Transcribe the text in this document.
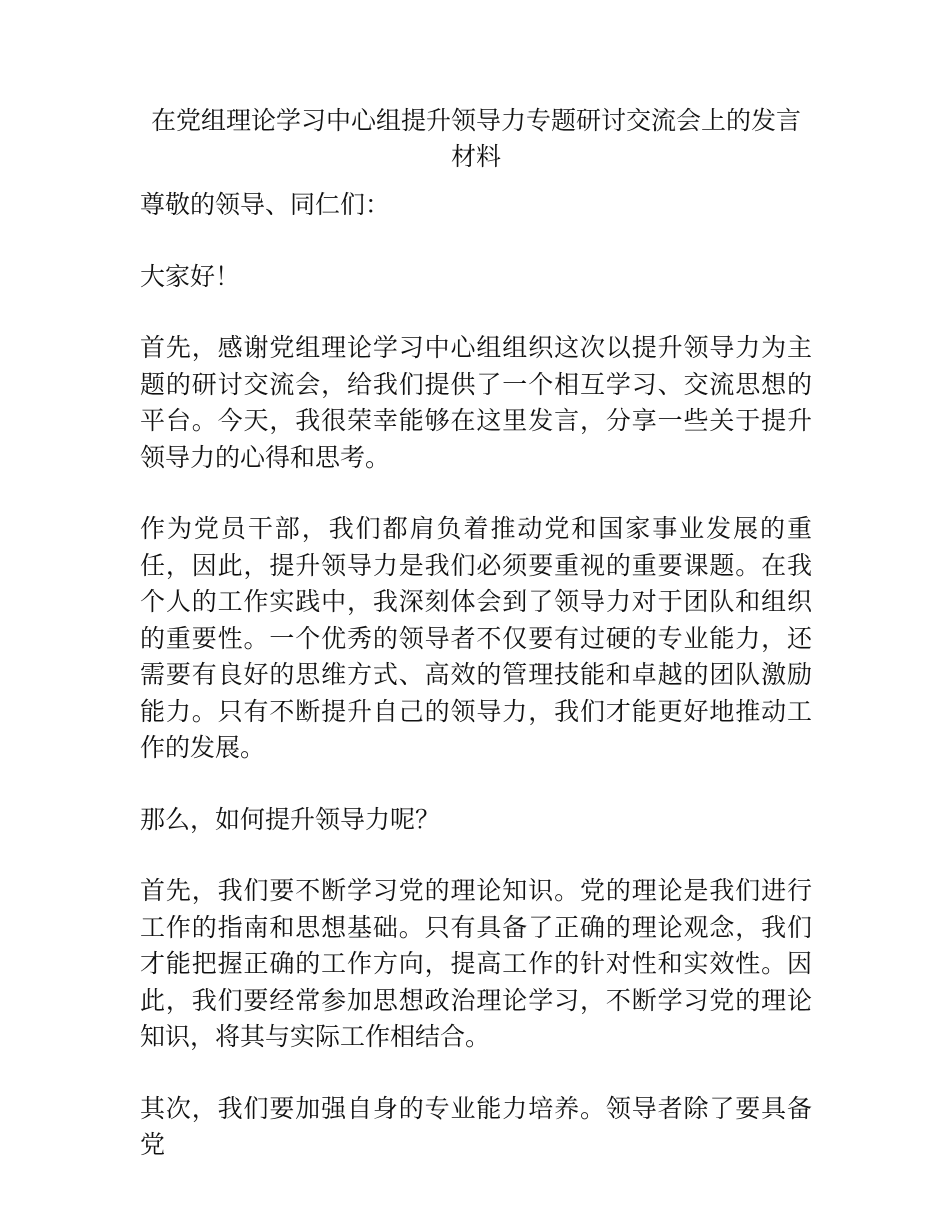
在党组理论学习中心组提升领导力专题研讨交流会上的发言材料

尊敬的领导、同仁们：

大家好！

首先，感谢党组理论学习中心组组织这次以提升领导力为主题的研讨交流会，给我们提供了一个相互学习、交流思想的平台。今天，我很荣幸能够在这里发言，分享一些关于提升领导力的心得和思考。

作为党员干部，我们都肩负着推动党和国家事业发展的重任，因此，提升领导力是我们必须要重视的重要课题。在我个人的工作实践中，我深刻体会到了领导力对于团队和组织的重要性。一个优秀的领导者不仅要有过硬的专业能力，还需要有良好的思维方式、高效的管理技能和卓越的团队激励能力。只有不断提升自己的领导力，我们才能更好地推动工作的发展。

那么，如何提升领导力呢？

首先，我们要不断学习党的理论知识。党的理论是我们进行工作的指南和思想基础。只有具备了正确的理论观念，我们才能把握正确的工作方向，提高工作的针对性和实效性。因此，我们要经常参加思想政治理论学习，不断学习党的理论知识，将其与实际工作相结合。

其次，我们要加强自身的专业能力培养。领导者除了要具备党
